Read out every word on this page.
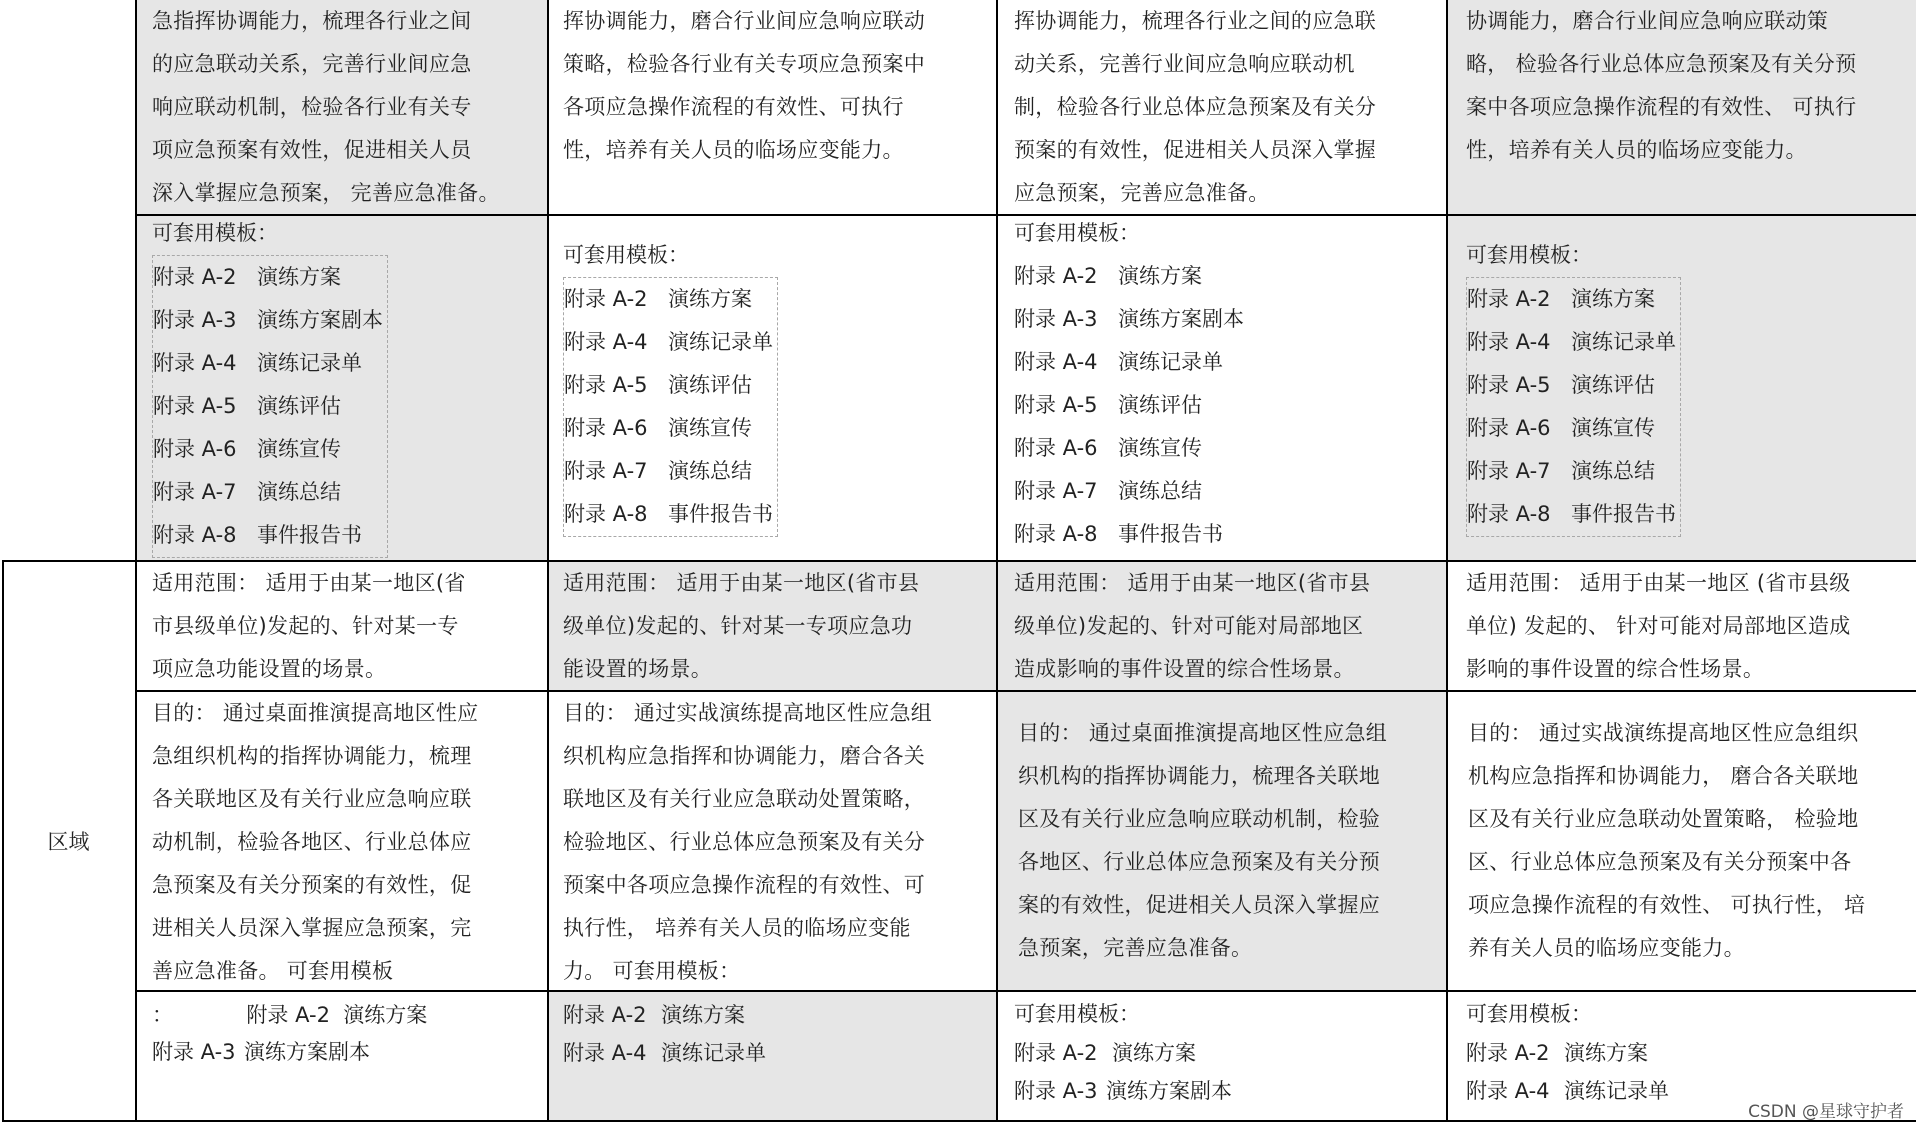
区域

急指挥协调能力，梳理各行业之间
的应急联动关系，完善行业间应急
响应联动机制，检验各行业有关专
项应急预案有效性，促进相关人员
深入掌握应急预案， 完善应急准备。

挥协调能力，磨合行业间应急响应联动
策略，检验各行业有关专项应急预案中
各项应急操作流程的有效性、可执行
性，培养有关人员的临场应变能力。

挥协调能力，梳理各行业之间的应急联
动关系，完善行业间应急响应联动机
制，检验各行业总体应急预案及有关分
预案的有效性，促进相关人员深入掌握
应急预案，完善应急准备。

协调能力，磨合行业间应急响应联动策
略， 检验各行业总体应急预案及有关分预
案中各项应急操作流程的有效性、 可执行
性，培养有关人员的临场应变能力。

可套用模板：
附录 A-2 演练方案
附录 A-3 演练方案剧本
附录 A-4 演练记录单
附录 A-5 演练评估
附录 A-6 演练宣传
附录 A-7 演练总结
附录 A-8 事件报告书
可套用模板：
附录 A-2 演练方案
附录 A-4 演练记录单
附录 A-5 演练评估
附录 A-6 演练宣传
附录 A-7 演练总结
附录 A-8 事件报告书
可套用模板：
附录 A-2 演练方案
附录 A-3 演练方案剧本
附录 A-4 演练记录单
附录 A-5 演练评估
附录 A-6 演练宣传
附录 A-7 演练总结
附录 A-8 事件报告书
可套用模板：
附录 A-2 演练方案
附录 A-4 演练记录单
附录 A-5 演练评估
附录 A-6 演练宣传
附录 A-7 演练总结
附录 A-8 事件报告书

适用范围： 适用于由某一地区(省
市县级单位)发起的、针对某一专
项应急功能设置的场景。

适用范围： 适用于由某一地区(省市县
级单位)发起的、针对某一专项应急功
能设置的场景。

适用范围： 适用于由某一地区(省市县
级单位)发起的、针对可能对局部地区
造成影响的事件设置的综合性场景。

适用范围： 适用于由某一地区 (省市县级
单位) 发起的、 针对可能对局部地区造成
影响的事件设置的综合性场景。

目的： 通过桌面推演提高地区性应
急组织机构的指挥协调能力，梳理
各关联地区及有关行业应急响应联
动机制，检验各地区、行业总体应
急预案及有关分预案的有效性，促
进相关人员深入掌握应急预案，完
善应急准备。 可套用模板

目的： 通过实战演练提高地区性应急组
织机构应急指挥和协调能力，磨合各关
联地区及有关行业应急联动处置策略，
检验地区、行业总体应急预案及有关分
预案中各项应急操作流程的有效性、可
执行性， 培养有关人员的临场应变能
力。 可套用模板：

目的： 通过桌面推演提高地区性应急组
织机构的指挥协调能力，梳理各关联地
区及有关行业应急响应联动机制，检验
各地区、行业总体应急预案及有关分预
案的有效性，促进相关人员深入掌握应
急预案，完善应急准备。

目的： 通过实战演练提高地区性应急组织
机构应急指挥和协调能力， 磨合各关联地
区及有关行业应急联动处置策略， 检验地
区、行业总体应急预案及有关分预案中各
项应急操作流程的有效性、 可执行性， 培
养有关人员的临场应变能力。

：           附录 A-2  演练方案
附录 A-3 演练方案剧本
附录 A-2 演练方案
附录 A-4 演练记录单
可套用模板：
附录 A-2 演练方案
附录 A-3 演练方案剧本
可套用模板：
附录 A-2 演练方案
附录 A-4 演练记录单
CSDN @星球守护者
